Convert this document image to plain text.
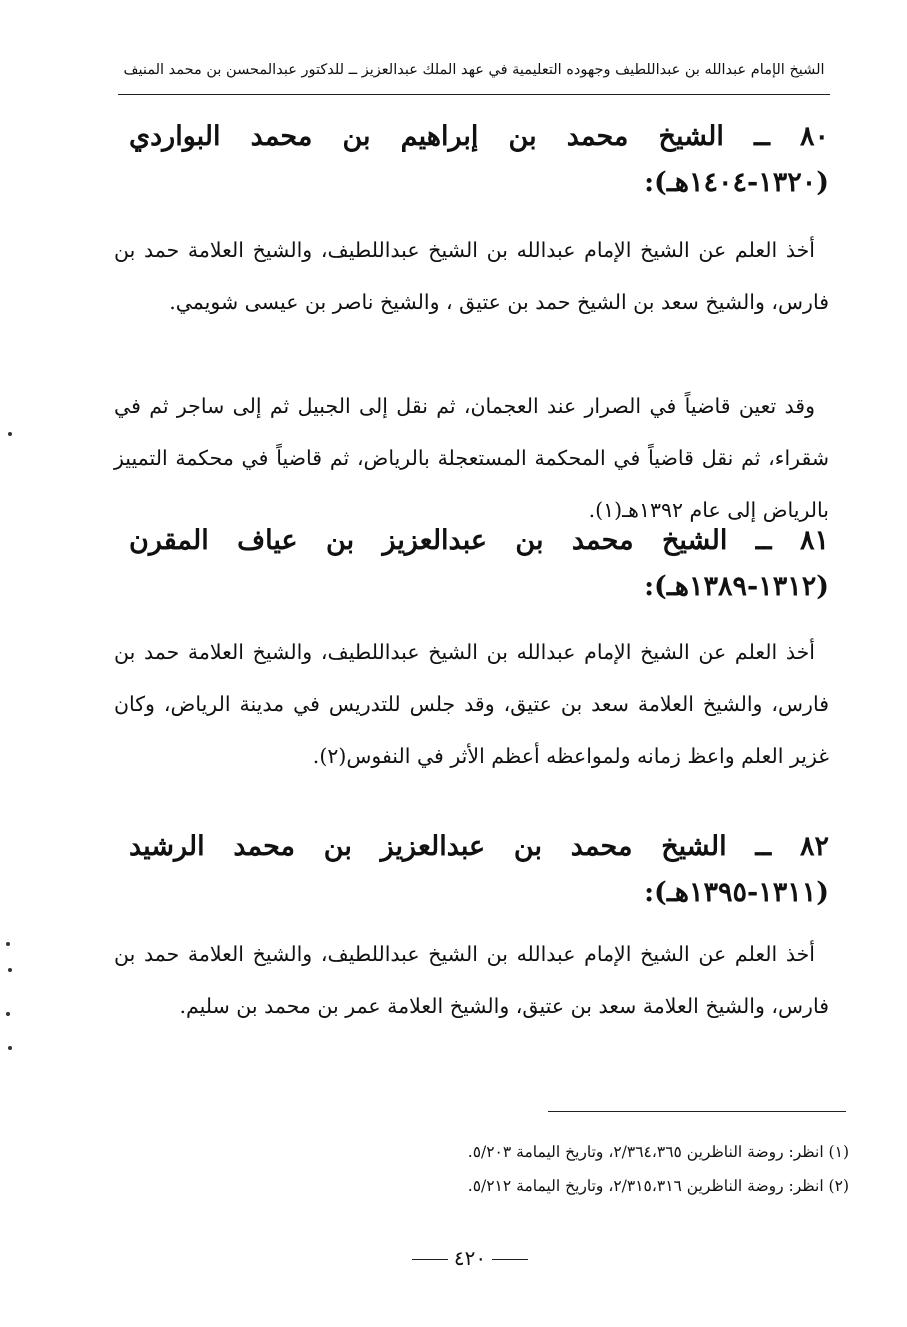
الشيخ الإمام عبدالله بن عبداللطيف وجهوده التعليمية في عهد الملك عبدالعزيز ــ للدكتور عبدالمحسن بن محمد المنيف
٨٠ ــ الشيخ محمد بن إبراهيم بن محمد البواردي (١٣٢٠-١٤٠٤هـ):
أخذ العلم عن الشيخ الإمام عبدالله بن الشيخ عبداللطيف، والشيخ العلامة حمد بن فارس، والشيخ سعد بن الشيخ حمد بن عتيق ، والشيخ ناصر بن عيسى شويمي.
وقد تعين قاضياً في الصرار عند العجمان، ثم نقل إلى الجبيل ثم إلى ساجر ثم في شقراء، ثم نقل قاضياً في المحكمة المستعجلة بالرياض، ثم قاضياً في محكمة التمييز بالرياض إلى عام ١٣٩٢هـ(١).
٨١ ــ الشيخ محمد بن عبدالعزيز بن عياف المقرن (١٣١٢-١٣٨٩هـ):
أخذ العلم عن الشيخ الإمام عبدالله بن الشيخ عبداللطيف، والشيخ العلامة حمد بن فارس، والشيخ العلامة سعد بن عتيق، وقد جلس للتدريس في مدينة الرياض، وكان غزير العلم واعظ زمانه ولمواعظه أعظم الأثر في النفوس(٢).
٨٢ ــ الشيخ محمد بن عبدالعزيز بن محمد الرشيد (١٣١١-١٣٩٥هـ):
أخذ العلم عن الشيخ الإمام عبدالله بن الشيخ عبداللطيف، والشيخ العلامة حمد بن فارس، والشيخ العلامة سعد بن عتيق، والشيخ العلامة عمر بن محمد بن سليم.
(١) انظر: روضة الناظرين ٢/٣٦٤،٣٦٥، وتاريخ اليمامة ٥/٢٠٣.
(٢) انظر: روضة الناظرين ٢/٣١٥،٣١٦، وتاريخ اليمامة ٥/٢١٢.
٤٢٠
